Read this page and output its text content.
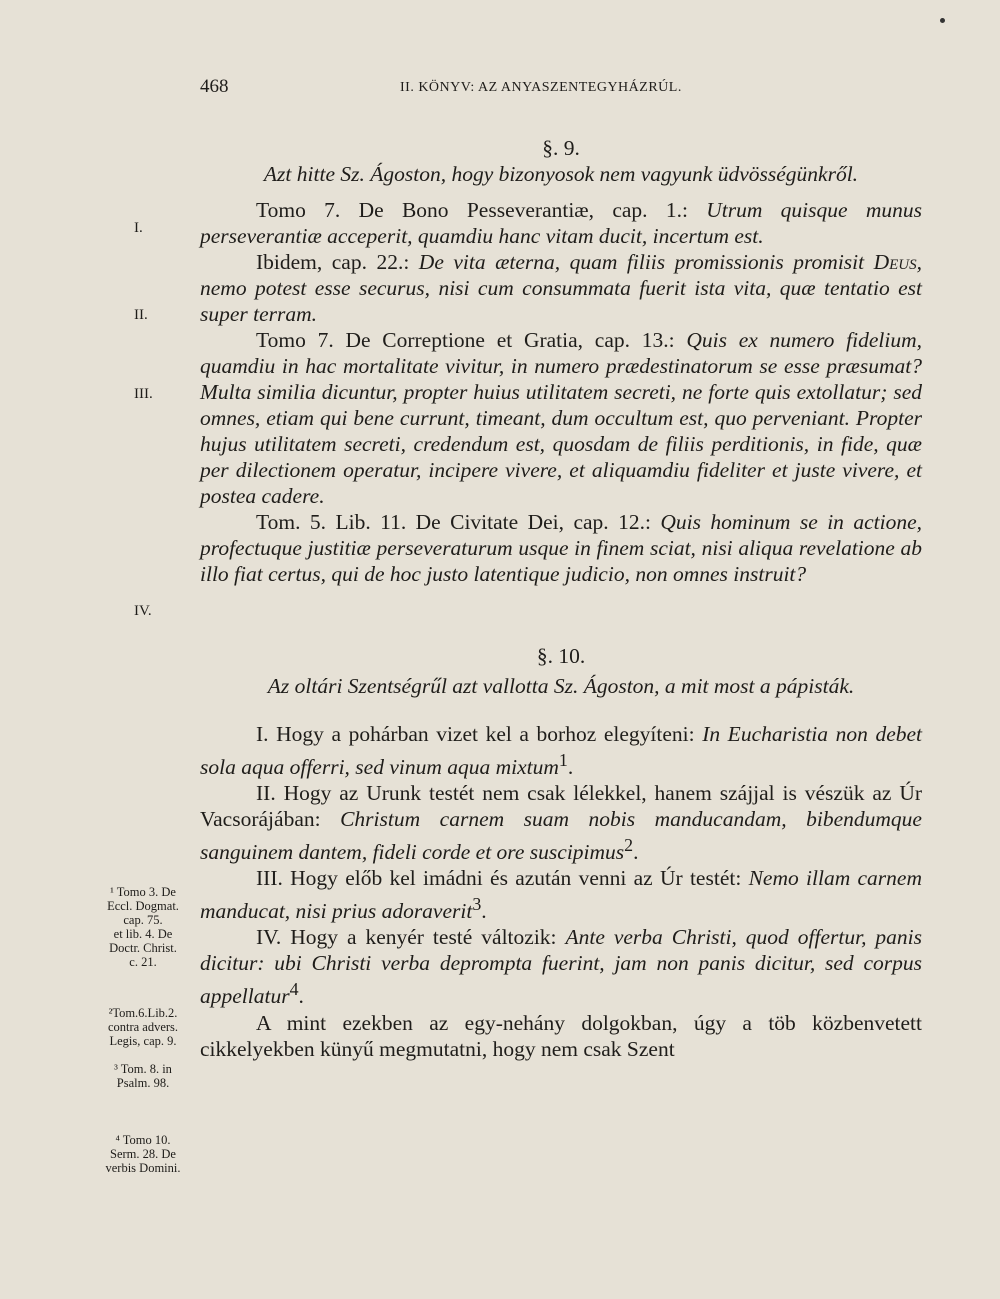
468	II. KÖNYV: AZ ANYASZENTEGYHÁZRÚL.
I.
II.
III.
IV.
¹ Tomo 3. De
Eccl. Dogmat.
cap. 75.
et lib. 4. De
Doctr. Christ.
c. 21.
²Tom.6.Lib.2.
contra advers.
Legis, cap. 9.
³ Tom. 8. in
Psalm. 98.
⁴ Tomo 10.
Serm. 28. De
verbis Domini.

§. 9.

Azt hitte Sz. Ágoston, hogy bizonyosok nem vagyunk üdvösségünkről.

Tomo 7. De Bono Pesseverantiæ, cap. 1.: Utrum quisque munus perseverantiæ acceperit, quamdiu hanc vitam ducit, incertum est.

Ibidem, cap. 22.: De vita æterna, quam filiis promissionis promisit Deus, nemo potest esse securus, nisi cum consummata fuerit ista vita, quæ tentatio est super terram.

Tomo 7. De Correptione et Gratia, cap. 13.: Quis ex numero fidelium, quamdiu in hac mortalitate vivitur, in numero prædestinatorum se esse præsumat? Multa similia dicuntur, propter huius utilitatem secreti, ne forte quis extollatur; sed omnes, etiam qui bene currunt, timeant, dum occultum est, quo perveniant. Propter hujus utilitatem secreti, credendum est, quosdam de filiis perditionis, in fide, quæ per dilectionem operatur, incipere vivere, et aliquamdiu fideliter et juste vivere, et postea cadere.

Tom. 5. Lib. 11. De Civitate Dei, cap. 12.: Quis hominum se in actione, profectuque justitiæ perseveraturum usque in finem sciat, nisi aliqua revelatione ab illo fiat certus, qui de hoc justo latentique judicio, non omnes instruit?

§. 10.

Az oltári Szentségrűl azt vallotta Sz. Ágoston, a mit most a pápisták.

I. Hogy a pohárban vizet kel a borhoz elegyíteni: In Eucharistia non debet sola aqua offerri, sed vinum aqua mixtum$^1$.

II. Hogy az Urunk testét nem csak lélekkel, hanem szájjal is vészük az Úr Vacsorájában: Christum carnem suam nobis manducandam, bibendumque sanguinem dantem, fideli corde et ore suscipimus$^2$.

III. Hogy előb kel imádni és azután venni az Úr testét: Nemo illam carnem manducat, nisi prius adoraverit$^3$.

IV. Hogy a kenyér testé változik: Ante verba Christi, quod offertur, panis dicitur: ubi Christi verba deprompta fuerint, jam non panis dicitur, sed corpus appellatur$^4$.

A mint ezekben az egy-nehány dolgokban, úgy a töb közbenvetett cikkelyekben künyű megmutatni, hogy nem csak Szent
